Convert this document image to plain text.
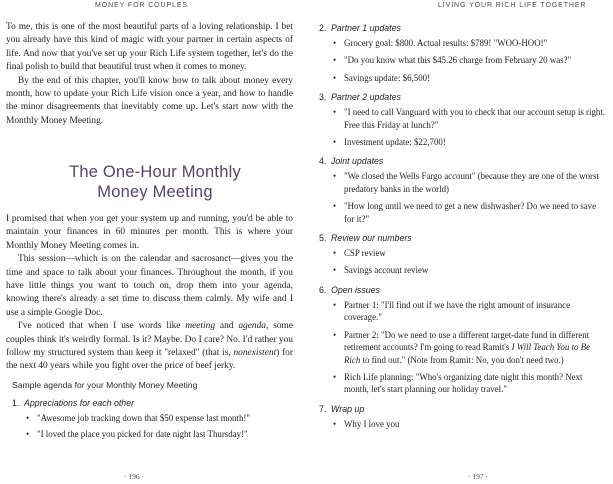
MONEY FOR COUPLES

To me, this is one of the most beautiful parts of a loving relationship. I bet you already have this kind of magic with your partner in certain aspects of life. And now that you've set up your Rich Life system together, let's do the final polish to build that beautiful trust when it comes to money.

By the end of this chapter, you'll know how to talk about money every month, how to update your Rich Life vision once a year, and how to handle the minor disagreements that inevitably come up. Let's start now with the Monthly Money Meeting.

The One-Hour Monthly Money Meeting

I promised that when you get your system up and running, you'd be able to maintain your finances in 60 minutes per month. This is where your Monthly Money Meeting comes in.

This session—which is on the calendar and sacrosanct—gives you the time and space to talk about your finances. Throughout the month, if you have little things you want to touch on, drop them into your agenda, knowing there's already a set time to discuss them calmly. My wife and I use a simple Google Doc.

I've noticed that when I use words like meeting and agenda, some couples think it's weirdly formal. Is it? Maybe. Do I care? No. I'd rather you follow my structured system than keep it "relaxed" (that is, nonexistent) for the next 40 years while you fight over the price of beef jerky.

Sample agenda for your Monthly Money Meeting
1. Appreciations for each other
• "Awesome job tracking down that $50 expense last month!"
• "I loved the place you picked for date night last Thursday!"
· 196 ·
LIVING YOUR RICH LIFE TOGETHER
2. Partner 1 updates
• Grocery goal: $800. Actual results: $789! "WOO-HOO!"
• "Do you know what this $45.26 charge from February 20 was?"
• Savings update: $6,500!
3. Partner 2 updates
• "I need to call Vanguard with you to check that our account setup is right. Free this Friday at lunch?"
• Investment update: $22,700!
4. Joint updates
• "We closed the Wells Fargo account" (because they are one of the worst predatory banks in the world)
• "How long until we need to get a new dishwasher? Do we need to save for it?"
5. Review our numbers
• CSP review
• Savings account review
6. Open issues
• Partner 1: "I'll find out if we have the right amount of insurance coverage."
• Partner 2: "Do we need to use a different target-date fund in different retirement accounts? I'm going to read Ramit's I Will Teach You to Be Rich to find out." (Note from Ramit: No, you don't need two.)
• Rich Life planning: "Who's organizing date night this month? Next month, let's start planning our holiday travel."
7. Wrap up
• Why I love you
· 197 ·
